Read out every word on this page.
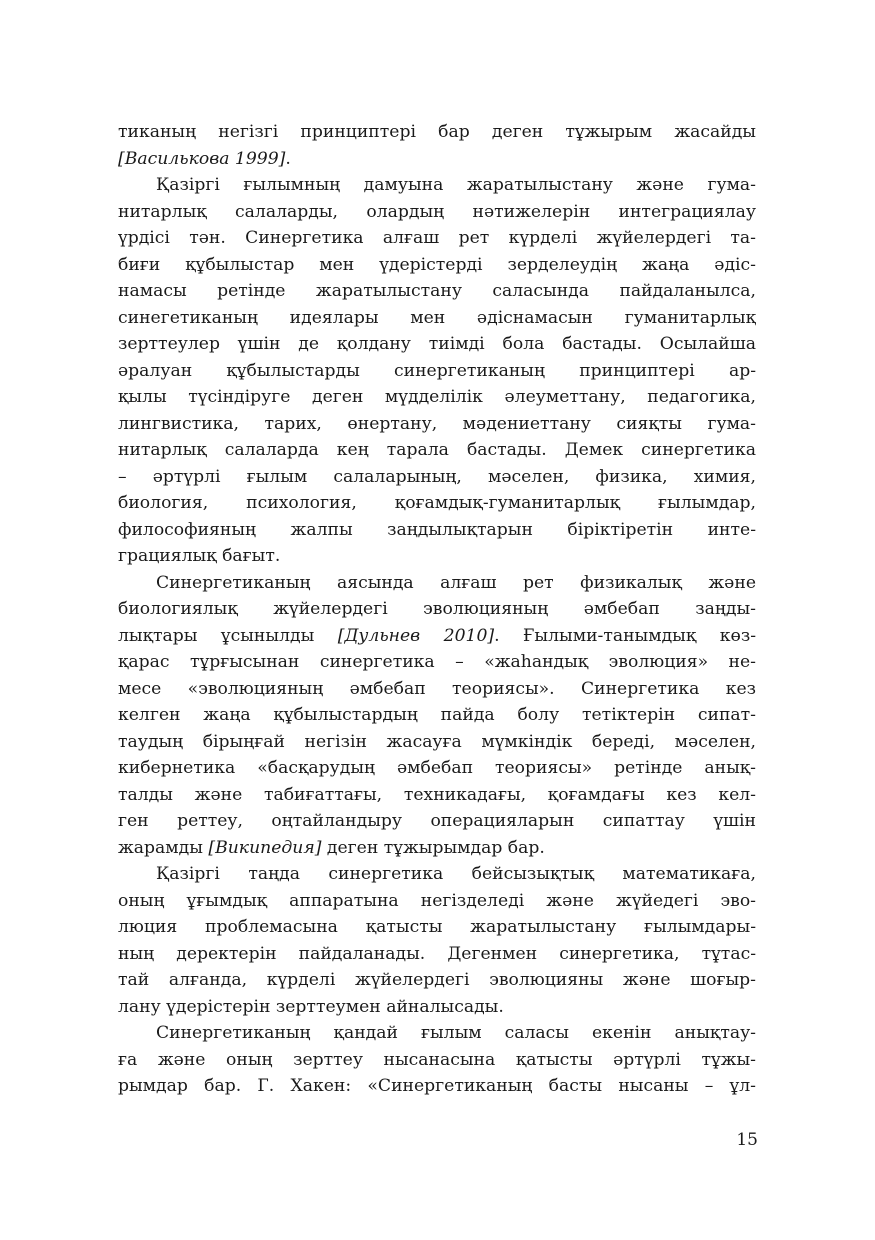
тиканың негізгі принциптері бар деген тұжырым жасайды
[Василькова 1999].
Қазіргі ғылымның дамуына жаратылыстану және гума-
нитарлық салаларды, олардың нәтижелерін интеграциялау
үрдісі тән. Синергетика алғаш рет күрделі жүйелердегі та-
биғи құбылыстар мен үдерістерді зерделеудің жаңа әдіс-
намасы ретінде жаратылыстану саласында пайдаланылса,
синегетиканың идеялары мен әдіснамасын гуманитарлық
зерттеулер үшін де қолдану тиімді бола бастады. Осылайша
әралуан құбылыстарды синергетиканың принциптері ар-
қылы түсіндіруге деген мүдделілік әлеуметтану, педагогика,
лингвистика, тарих, өнертану, мәдениеттану сияқты гума-
нитарлық салаларда кең тарала бастады. Демек синергетика
– әртүрлі ғылым салаларының, мәселен, физика, химия,
биология, психология, қоғамдық-гуманитарлық ғылымдар,
философияның жалпы заңдылықтарын біріктіретін инте-
грациялық бағыт.
Синергетиканың аясында алғаш рет физикалық және
биологиялық жүйелердегі эволюцияның әмбебап заңды-
лықтары ұсынылды [Дульнев 2010]. Ғылыми-танымдық көз-
қарас тұрғысынан синергетика – «жаһандық эволюция» не-
месе «эволюцияның әмбебап теориясы». Синергетика кез
келген жаңа құбылыстардың пайда болу тетіктерін сипат-
таудың бірыңғай негізін жасауға мүмкіндік береді, мәселен,
кибернетика «басқарудың әмбебап теориясы» ретінде анық-
талды және табиғаттағы, техникадағы, қоғамдағы кез кел-
ген реттеу, оңтайландыру операцияларын сипаттау үшін
жарамды [Википедия] деген тұжырымдар бар.
Қазіргі таңда синергетика бейсызықтық математикаға,
оның ұғымдық аппаратына негізделеді және жүйедегі эво-
люция проблемасына қатысты жаратылыстану ғылымдары-
ның деректерін пайдаланады. Дегенмен синергетика, тұтас-
тай алғанда, күрделі жүйелердегі эволюцияны және шоғыр-
лану үдерістерін зерттеумен айналысады.
Синергетиканың қандай ғылым саласы екенін анықтау-
ға және оның зерттеу нысанасына қатысты әртүрлі тұжы-
рымдар бар. Г. Хакен: «Синергетиканың басты нысаны – ұл-
15
